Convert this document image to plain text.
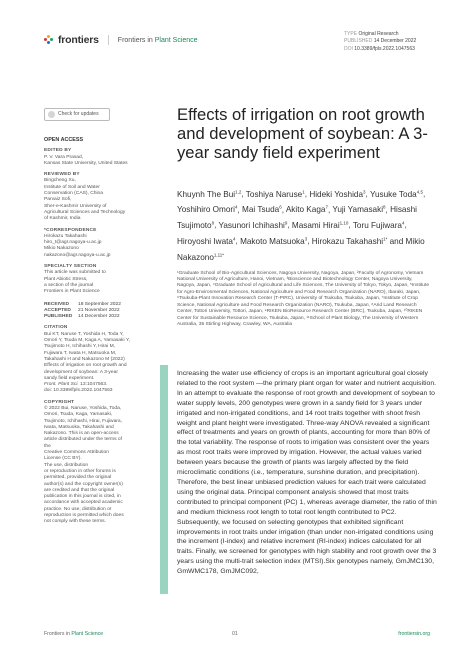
frontiers	Frontiers in Plant Science
TYPE Original Research
PUBLISHED 14 December 2022
DOI 10.3389/fpls.2022.1047563
Check for updates
OPEN ACCESS
EDITED BY
P. V. Vara Prasad,
Kansas State University, United States
REVIEWED BY
Bingcheng Xu,
Institute of Soil and Water
Conservation (CAS), China
Parvaiz Sofi,
Sher-e-Kashmir University of
Agricultural Sciences and Technology
of Kashmir, India
*CORRESPONDENCE
Hirokazu Takahashi
hiro_t@agr.nagoya-u.ac.jp
Mikio Nakazono
nakazono@agr.nagoya-u.ac.jp
SPECIALTY SECTION
This article was submitted to
Plant Abiotic Stress,
a section of the journal
Frontiers in Plant Science
RECEIVED	18 September 2022
ACCEPTED 21 November 2022
PUBLISHED 14 December 2022
CITATION
Bui KT, Naruse T, Yoshida H, Toda Y,
Omori Y, Tsuda M, Kaga A, Yamasaki Y,
Tsujimoto H, Ichihashi Y, Hirai M,
Fujiwara T, Iwata H, Matsuoka M,
Takahashi H and Nakazono M (2022)
Effects of irrigation on root growth and
development of soybean: A 3-year
sandy field experiment.
Front. Plant Sci. 13:1047563.
doi: 10.3389/fpls.2022.1047563
COPYRIGHT
© 2022 Bui, Naruse, Yoshida, Toda,
Omori, Tsuda, Kaga, Yamasaki,
Tsujimoto, Ichihashi, Hirai, Fujiwara,
Iwata, Matsuoka, Takahashi and
Nakazono. This is an open-access
article distributed under the terms of
the
Creative Commons Attribution
License (CC BY).
The use, distribution
or reproduction in other forums is
permitted, provided the original
author(s) and the copyright owner(s)
are credited and that the original
publication in this journal is cited, in
accordance with accepted academic
practice. No use, distribution or
reproduction is permitted which does
not comply with these terms.
Effects of irrigation on root growth and development of soybean: A 3-year sandy field experiment
Khuynh The Bui$^{1,2}$, Toshiya Naruse$^1$, Hideki Yoshida$^3$, Yusuke Toda$^{4,5}$, Yoshihiro Omori$^4$, Mai Tsuda$^6$, Akito Kaga$^7$, Yuji Yamasaki$^8$, Hisashi Tsujimoto$^8$, Yasunori Ichihashi$^9$, Masami Hirai$^{1,10}$, Toru Fujiwara$^4$, Hiroyoshi Iwata$^4$, Makoto Matsuoka$^3$, Hirokazu Takahashi$^{1*}$ and Mikio Nakazono$^{1,11*}$
¹Graduate School of Bio-Agricultural Sciences, Nagoya University, Nagoya, Japan, ²Faculty of Agronomy, Vietnam National University of Agriculture, Hanoi, Vietnam, ³Bioscience and Biotechnology Center, Nagoya University, Nagoya, Japan, ⁴Graduate School of Agricultural and Life Sciences, The University of Tokyo, Tokyo, Japan, ⁵Institute for Agro-Environmental Sciences, National Agriculture and Food Research Organization (NARO), Ibaraki, Japan, ⁶Tsukuba-Plant Innovation Research Center (T-PIRC), University of Tsukuba, Tsukuba, Japan, ⁷Institute of Crop Science, National Agriculture and Food Research Organization (NARO), Tsukuba, Japan, ⁸Arid Land Research Center, Tottori University, Tottori, Japan, ⁹RIKEN BioResource Research Center (BRC), Tsukuba, Japan, ¹⁰RIKEN Center for Sustainable Resource Science, Tsukuba, Japan, ¹¹School of Plant Biology, The University of Western Australia, 35 Stirling Highway, Crawley, WA, Australia
Increasing the water use efficiency of crops is an important agricultural goal closely related to the root system —the primary plant organ for water and nutrient acquisition. In an attempt to evaluate the response of root growth and development of soybean to water supply levels, 200 genotypes were grown in a sandy field for 3 years under irrigated and non-irrigated conditions, and 14 root traits together with shoot fresh weight and plant height were investigated. Three-way ANOVA revealed a significant effect of treatments and years on growth of plants, accounting for more than 80% of the total variability. The response of roots to irrigation was consistent over the years as most root traits were improved by irrigation. However, the actual values varied between years because the growth of plants was largely affected by the field microclimatic conditions (i.e., temperature, sunshine duration, and precipitation). Therefore, the best linear unbiased prediction values for each trait were calculated using the original data. Principal component analysis showed that most traits contributed to principal component (PC) 1, whereas average diameter, the ratio of thin and medium thickness root length to total root length contributed to PC2. Subsequently, we focused on selecting genotypes that exhibited significant improvements in root traits under irrigation (than under non-irrigated conditions using the increment (I-index) and relative increment (RI-index) indices calculated for all traits. Finally, we screened for genotypes with high stability and root growth over the 3 years using the multi-trait selection index (MTSI).Six genotypes namely, GmJMC130, GmWMC178, GmJMC092,
Frontiers in Plant Science	01	frontiersin.org
